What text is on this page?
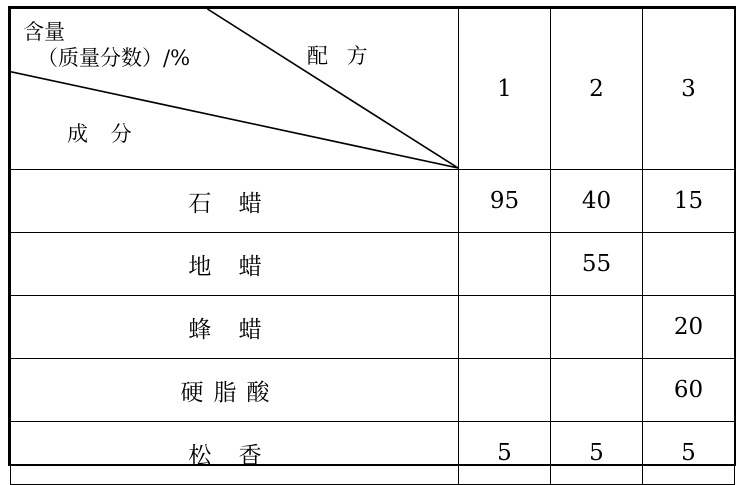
含量
（质量分数）/% 配 方
成 分	1	2	3
石 蜡	95	40	15
地 蜡		55	
蜂 蜡			20
硬脂酸			60
松 香	5	5	5
